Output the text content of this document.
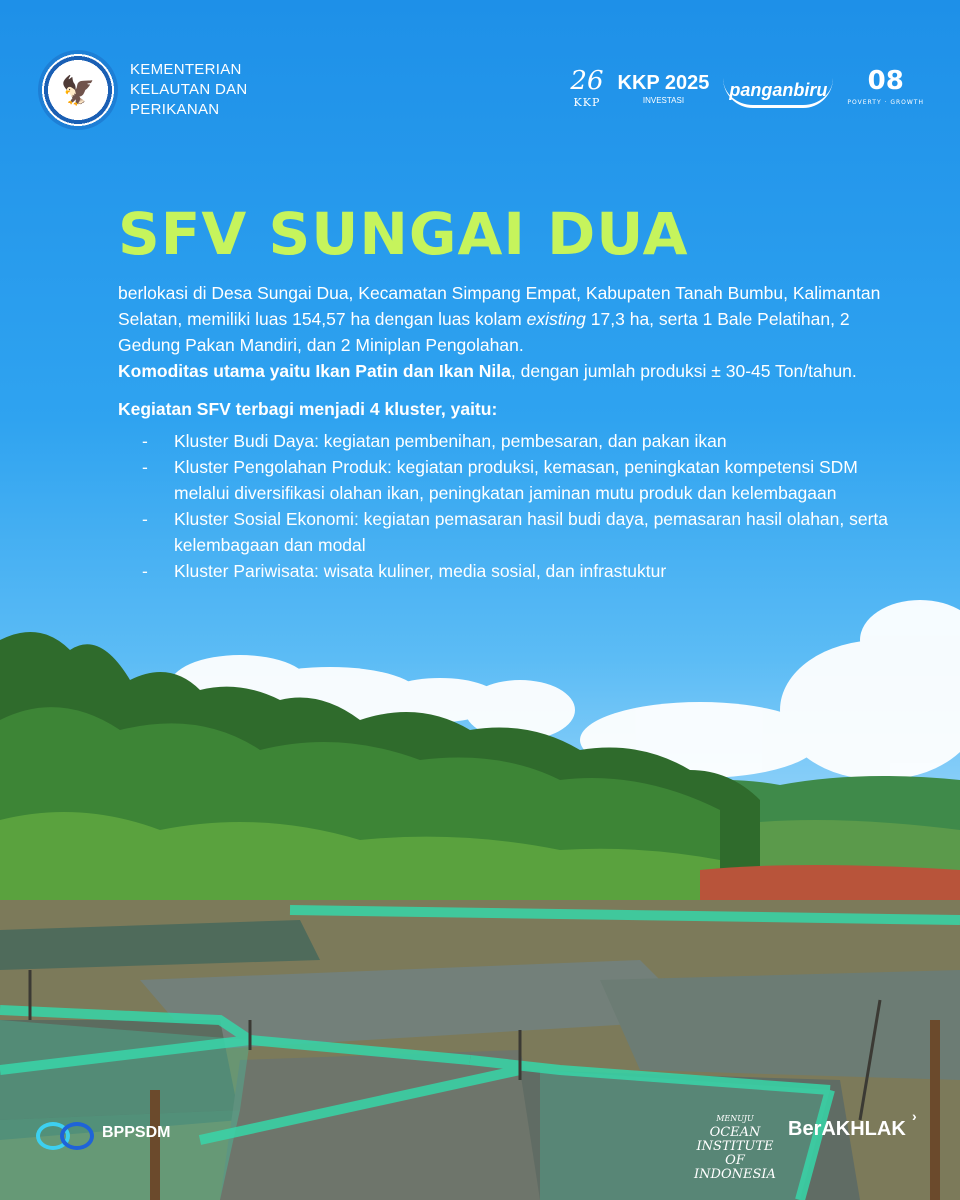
🦅
KEMENTERIAN
KELAUTAN DAN
PERIKANAN
26
KKP
KKP 2025
INVESTASI
panganbiru	08
POVERTY · GROWTH
SFV SUNGAI DUA

berlokasi di Desa Sungai Dua, Kecamatan Simpang Empat, Kabupaten Tanah Bumbu, Kalimantan Selatan, memiliki luas 154,57 ha dengan luas kolam existing 17,3 ha, serta 1 Bale Pelatihan, 2 Gedung Pakan Mandiri, dan 2 Miniplan Pengolahan.

Komoditas utama yaitu Ikan Patin dan Ikan Nila, dengan jumlah produksi ± 30-45 Ton/tahun.

Kegiatan SFV terbagi menjadi 4 kluster, yaitu:

- Kluster Budi Daya: kegiatan pembenihan, pembesaran, dan pakan ikan
- Kluster Pengolahan Produk: kegiatan produksi, kemasan, peningkatan kompetensi SDM melalui diversifikasi olahan ikan, peningkatan jaminan mutu produk dan kelembagaan
- Kluster Sosial Ekonomi: kegiatan pemasaran hasil budi daya, pemasaran hasil olahan, serta kelembagaan dan modal
- Kluster Pariwisata: wisata kuliner, media sosial, dan infrastuktur
BPPSDM
MENUJU
OCEAN INSTITUTE OF INDONESIA
BerAKHLAK
›
